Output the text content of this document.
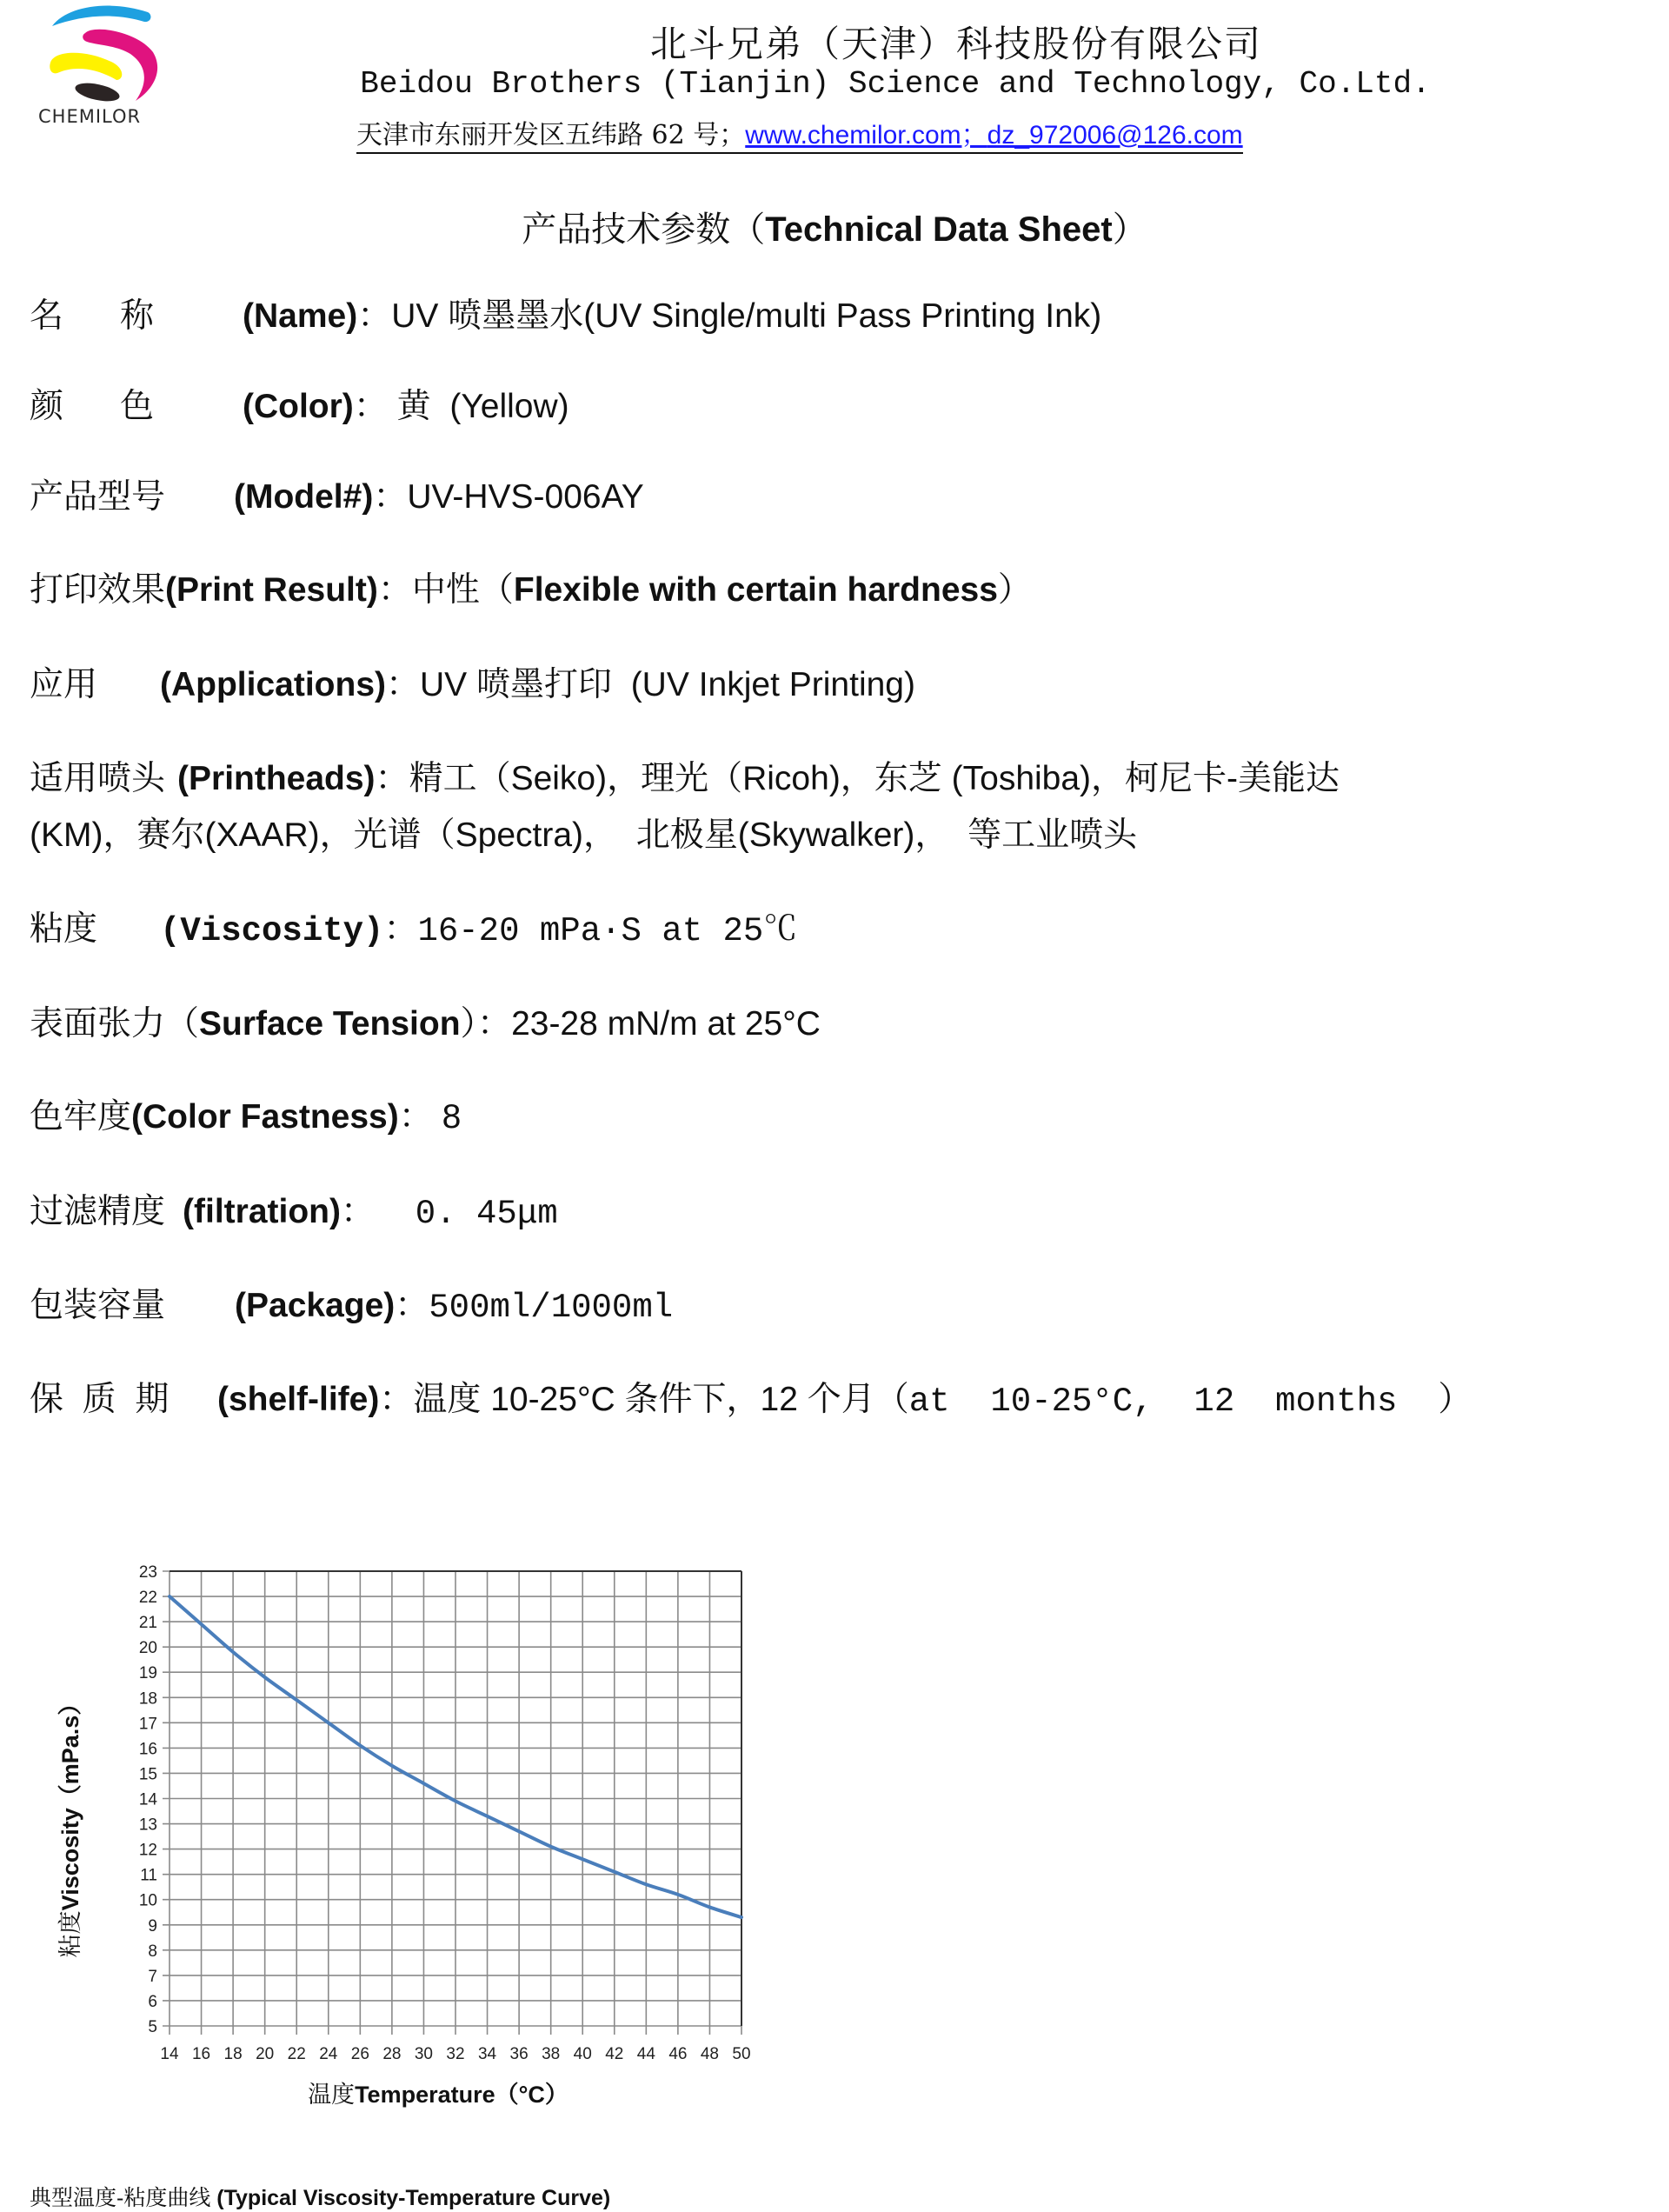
CHEMILOR
北斗兄弟（天津）科技股份有限公司
Beidou Brothers (Tianjin) Science and Technology, Co.Ltd.
天津市东丽开发区五纬路 62 号；www.chemilor.com；dz_972006@126.com
产品技术参数（Technical Data Sheet）
名      称	(Name)：UV 喷墨墨水(UV Single/multi Pass Printing Ink)
颜      色	(Color)： 黄  (Yellow)
产品型号 (Model#)：UV-HVS-006AY
打印效果(Print Result)：中性（Flexible with certain hardness）
应用 (Applications)：UV 喷墨打印  (UV Inkjet Printing)
适用喷头 (Printheads)：精工（Seiko)，理光（Ricoh)，东芝 (Toshiba)，柯尼卡-美能达
(KM)，赛尔(XAAR)，光谱（Spectra)，  北极星(Skywalker)，  等工业喷头
粘度 (Viscosity)：16-20 mPa·S at 25℃
表面张力（Surface Tension）：23-28 mN/m at 25°C
色牢度(Color Fastness)： 8
过滤精度 (filtration)：  0. 45μm
包装容量 (Package)：500ml/1000ml
保  质  期 (shelf-life)：温度 10-25°C 条件下，12 个月（at  10-25°C,  12  months  ）
5
6
7
8
9
10
11
12
13
14
15
16
17
18
19
20
21
22
23
14 16 18 20 22 24 26 28 30 32 34 36 38 40 42 44 46 48 50
温度Temperature（°C）
粘度Viscosity（mPa.s）
典型温度-粘度曲线 (Typical Viscosity-Temperature Curve)
